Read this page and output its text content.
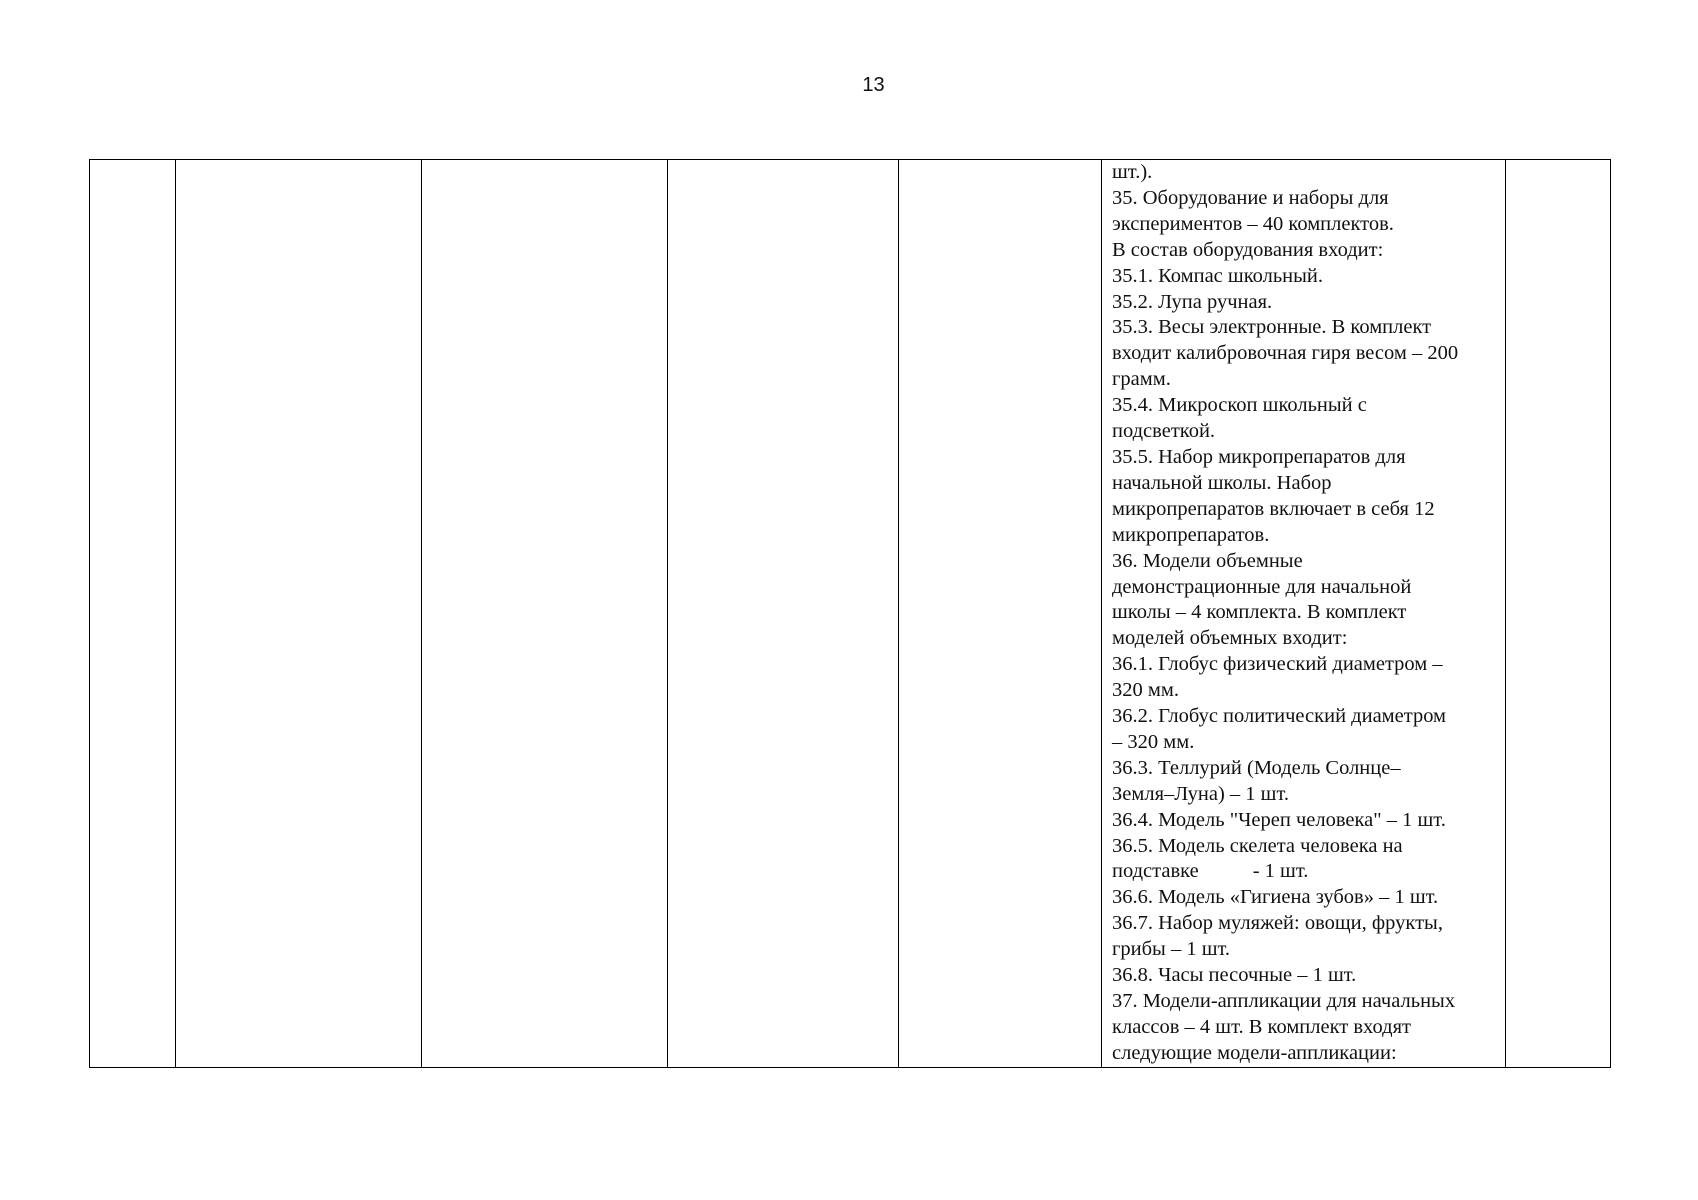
13

шт.).

35. Оборудование и наборы для

экспериментов – 40 комплектов.

В состав оборудования входит:

35.1. Компас школьный.

35.2. Лупа ручная.

35.3. Весы электронные. В комплект

входит калибровочная гиря весом – 200

грамм.

35.4. Микроскоп школьный с

подсветкой.

35.5. Набор микропрепаратов для

начальной школы. Набор

микропрепаратов включает в себя 12

микропрепаратов.

36. Модели объемные

демонстрационные для начальной

школы – 4 комплекта. В комплект

моделей объемных входит:

36.1. Глобус физический диаметром –

320 мм.

36.2. Глобус политический диаметром

– 320 мм.

36.3. Теллурий (Модель Солнце–

Земля–Луна) – 1 шт.

36.4. Модель "Череп человека" – 1 шт.

36.5. Модель скелета человека на

подставке	- 1 шт.

36.6. Модель «Гигиена зубов» – 1 шт.

36.7. Набор муляжей: овощи, фрукты,

грибы – 1 шт.

36.8. Часы песочные – 1 шт.

37. Модели-аппликации для начальных

классов – 4 шт. В комплект входят

следующие модели-аппликации:
